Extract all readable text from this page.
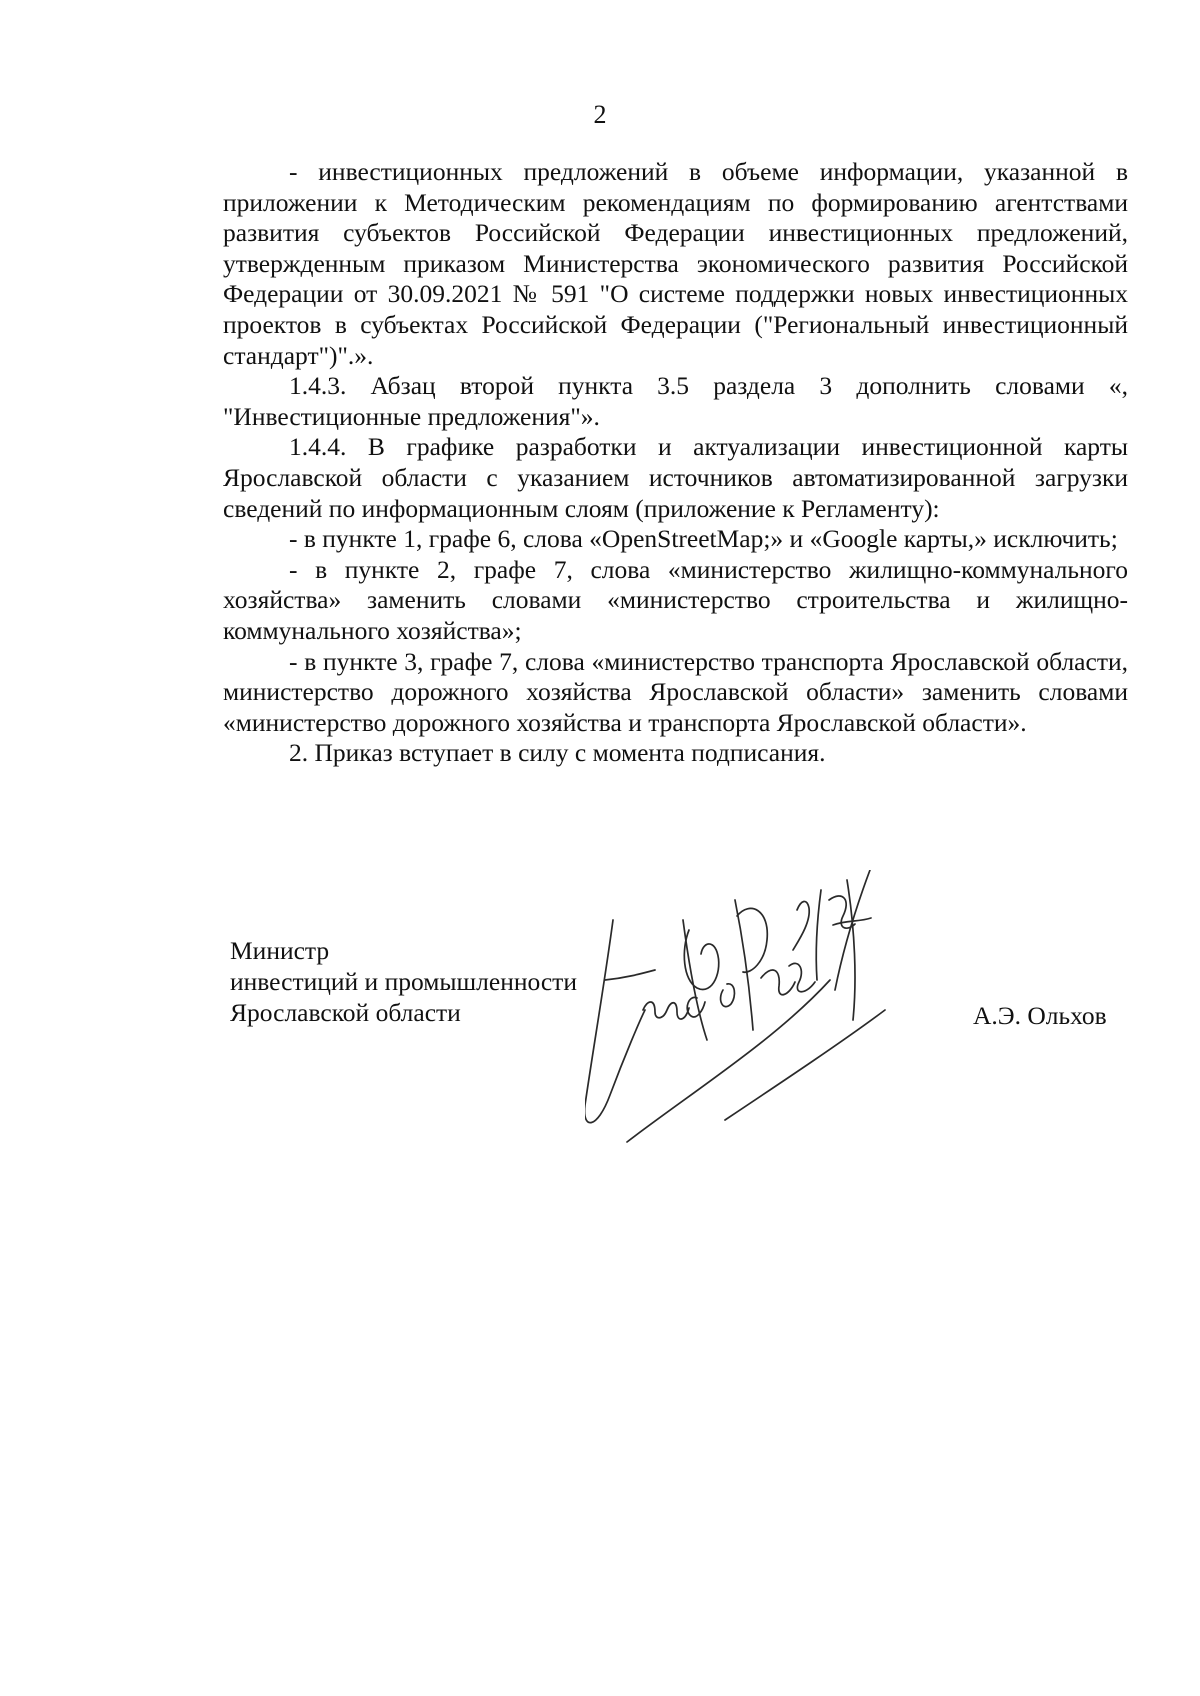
2

- инвестиционных предложений в объеме информации, указанной в приложении к Методическим рекомендациям по формированию агентствами развития субъектов Российской Федерации инвестиционных предложений, утвержденным приказом Министерства экономического развития Российской Федерации от 30.09.2021 № 591 "О системе поддержки новых инвестиционных проектов в субъектах Российской Федерации ("Региональный инвестиционный стандарт")".».

1.4.3. Абзац второй пункта 3.5 раздела 3 дополнить словами «, "Инвестиционные предложения"».

1.4.4. В графике разработки и актуализации инвестиционной карты Ярославской области с указанием источников автоматизированной загрузки сведений по информационным слоям (приложение к Регламенту):

- в пункте 1, графе 6, слова «OpenStreetMap;» и «Google карты,» исключить;

- в пункте 2, графе 7, слова «министерство жилищно-коммунального хозяйства» заменить словами «министерство строительства и жилищно-коммунального хозяйства»;

- в пункте 3, графе 7, слова «министерство транспорта Ярославской области, министерство дорожного хозяйства Ярославской области» заменить словами «министерство дорожного хозяйства и транспорта Ярославской области».

2. Приказ вступает в силу с момента подписания.

Министр
инвестиций и промышленности
Ярославской области	А.Э. Ольхов
